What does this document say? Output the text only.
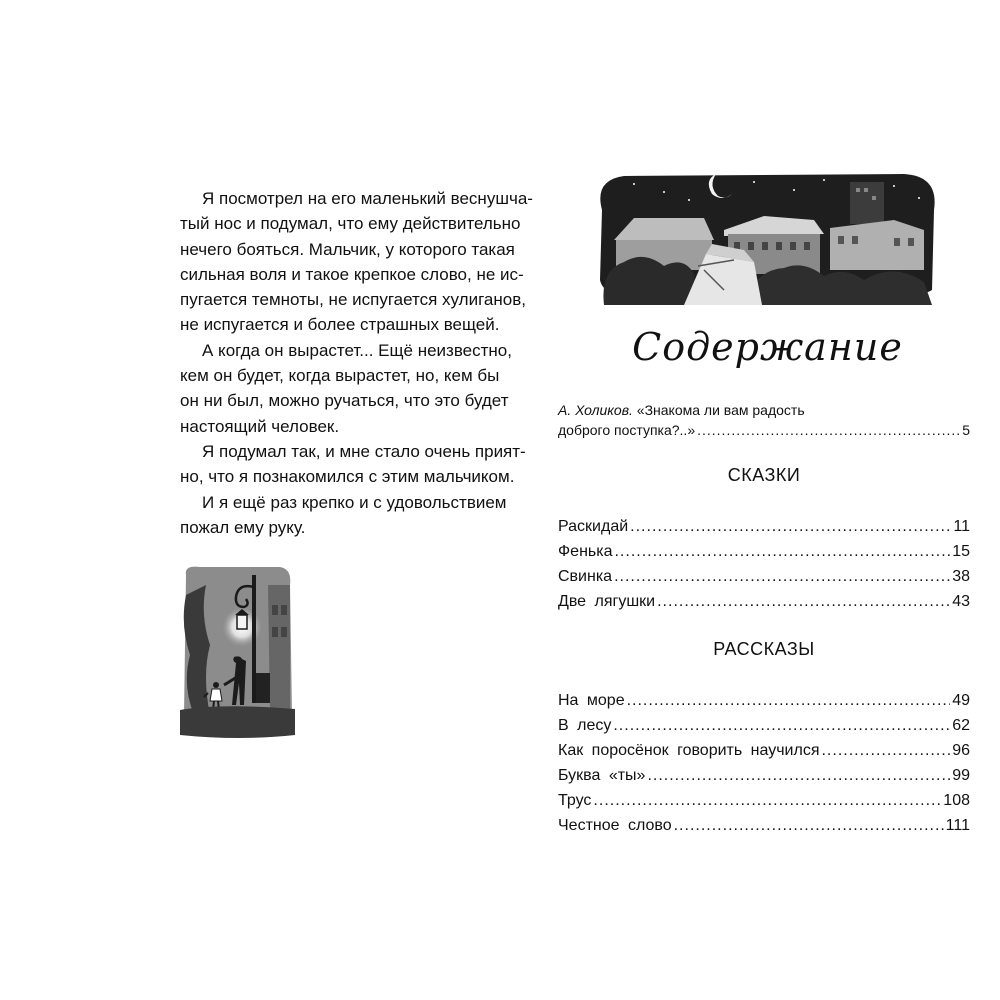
Я посмотрел на его маленький веснушча-
тый нос и подумал, что ему действительно
нечего бояться. Мальчик, у которого такая
сильная воля и такое крепкое слово, не ис-
пугается темноты, не испугается хулиганов,
не испугается и более страшных вещей.
А когда он вырастет... Ещё неизвестно,
кем он будет, когда вырастет, но, кем бы
он ни был, можно ручаться, что это будет
настоящий человек.
Я подумал так, и мне стало очень прият-
но, что я познакомился с этим мальчиком.
И я ещё раз крепко и с удовольствием
пожал ему руку.
Содержание
А. Холиков. «Знакома ли вам радость
доброго поступка?..» .....	5
СКАЗКИ
Раскидай .....	11
Фенька .....	15
Свинка .....	38
Две лягушки .....	43
РАССКАЗЫ
На море .....	49
В лесу .....	62
Как поросёнок говорить научился .....	96
Буква «ты» .....	99
Трус .....	108
Честное слово .....	111
